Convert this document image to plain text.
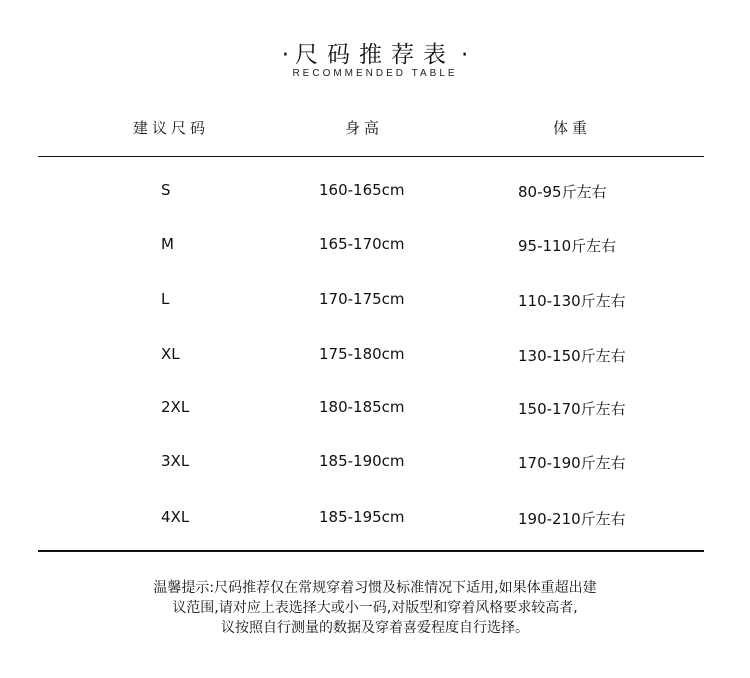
· 尺码推荐表 ·
RECOMMENDED TABLE
建议尺码	身高	体重
S	160-165cm	80-95斤左右
M	165-170cm	95-110斤左右
L	170-175cm	110-130斤左右
XL	175-180cm	130-150斤左右
2XL	180-185cm	150-170斤左右
3XL	185-190cm	170-190斤左右
4XL	185-195cm	190-210斤左右
温馨提示:尺码推荐仅在常规穿着习惯及标准情况下适用,如果体重超出建
议范围,请对应上表选择大或小一码,对版型和穿着风格要求较高者,
议按照自行测量的数据及穿着喜爱程度自行选择。
